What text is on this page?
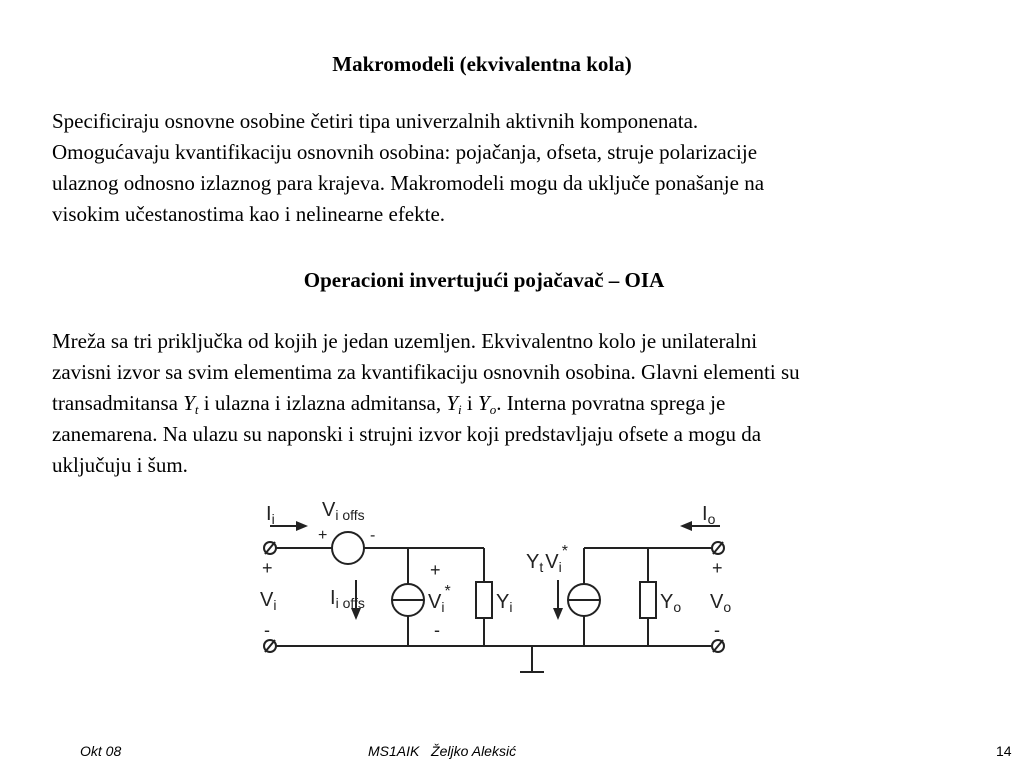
Makromodeli (ekvivalentna kola)

Specificiraju osnovne osobine četiri tipa univerzalnih aktivnih komponenata.
Omogućavaju kvantifikaciju osnovnih osobina: pojačanja, ofseta, struje polarizacije
ulaznog odnosno izlaznog para krajeva. Makromodeli mogu da uključe ponašanje na
visokim učestanostima kao i nelinearne efekte.

Operacioni invertujući pojačavač – OIA

Mreža sa tri priključka od kojih je jedan uzemljen. Ekvivalentno kolo je unilateralni
zavisni izvor sa svim elementima za kvantifikaciju osnovnih osobina. Glavni elementi su
transadmitansa $Y_t$ i ulazna i izlazna admitansa, $Y_i$ i $Y_o$. Interna povratna sprega je
zanemarena. Na ulazu su naponski i strujni izvor koji predstavljaju ofsete a mogu da
uključuju i šum.

$I_i$ $V_{i offs}$
+	-
+
$V_i$
-
$I_{i offs}$
+
$V_i^*$
-
$Y_i$
$Y_t$ $V_i^*$
$Y_o$
$I_o$
+
$V_o$
-
Okt 08	MS1AIK   Željko Aleksić	14
